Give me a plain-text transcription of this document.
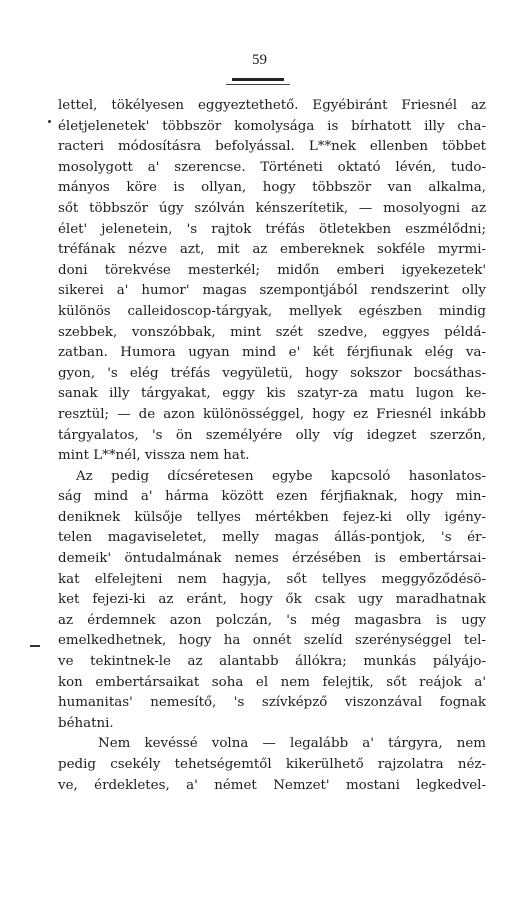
59
lettel, tökélyesen eggyeztethető. Egyébiránt Friesnél az
életjelenetek' többször komolysága is bírhatott illy cha-
racteri módosításra befolyással. L**nek ellenben többet
mosolygott a' szerencse. Történeti oktató lévén, tudo-
mányos köre is ollyan, hogy többször van alkalma,
sőt többször úgy szólván kénszerítetik, — mosolyogni az
élet' jelenetein, 's rajtok tréfás ötletekben eszmélődni;
tréfának nézve azt, mit az embereknek sokféle myrmi-
doni törekvése mesterkél; midőn emberi igyekezetek'
sikerei a' humor' magas szempontjából rendszerint olly
különös calleidoscop-tárgyak, mellyek egészben mindig
szebbek, vonszóbbak, mint szét szedve, eggyes példá-
zatban. Humora ugyan mind e' két férjfiunak elég va-
gyon, 's elég tréfás vegyületü, hogy sokszor bocsáthas-
sanak illy tárgyakat, eggy kis szatyr-za matu lugon ke-
resztül; — de azon különösséggel, hogy ez Friesnél inkább
tárgyalatos, 's ön személyére olly víg idegzet szerzőn,
mint L**nél, vissza nem hat.
Az pedig dícséretesen egybe kapcsoló hasonlatos-
ság mind a' hárma között ezen férjfiaknak, hogy min-
deniknek külsője tellyes mértékben fejez-ki olly igény-
telen magaviseletet, melly magas állás-pontjok, 's ér-
demeik' öntudalmának nemes érzésében is embertársai-
kat elfelejteni nem hagyja, sőt tellyes meggyőződésö-
ket fejezi-ki az eránt, hogy ők csak ugy maradhatnak
az érdemnek azon polczán, 's még magasbra is ugy
emelkedhetnek, hogy ha onnét szelíd szerénységgel tel-
ve tekintnek-le az alantabb állókra; munkás pályájo-
kon embertársaikat soha el nem felejtik, sőt reájok a'
humanitas' nemesítő, 's szívképző viszonzával fognak
béhatni.
Nem kevéssé volna — legalább a' tárgyra, nem
pedig csekély tehetségemtől kikerülhető rajzolatra néz-
ve, érdekletes, a' német Nemzet' mostani legkedvel-
